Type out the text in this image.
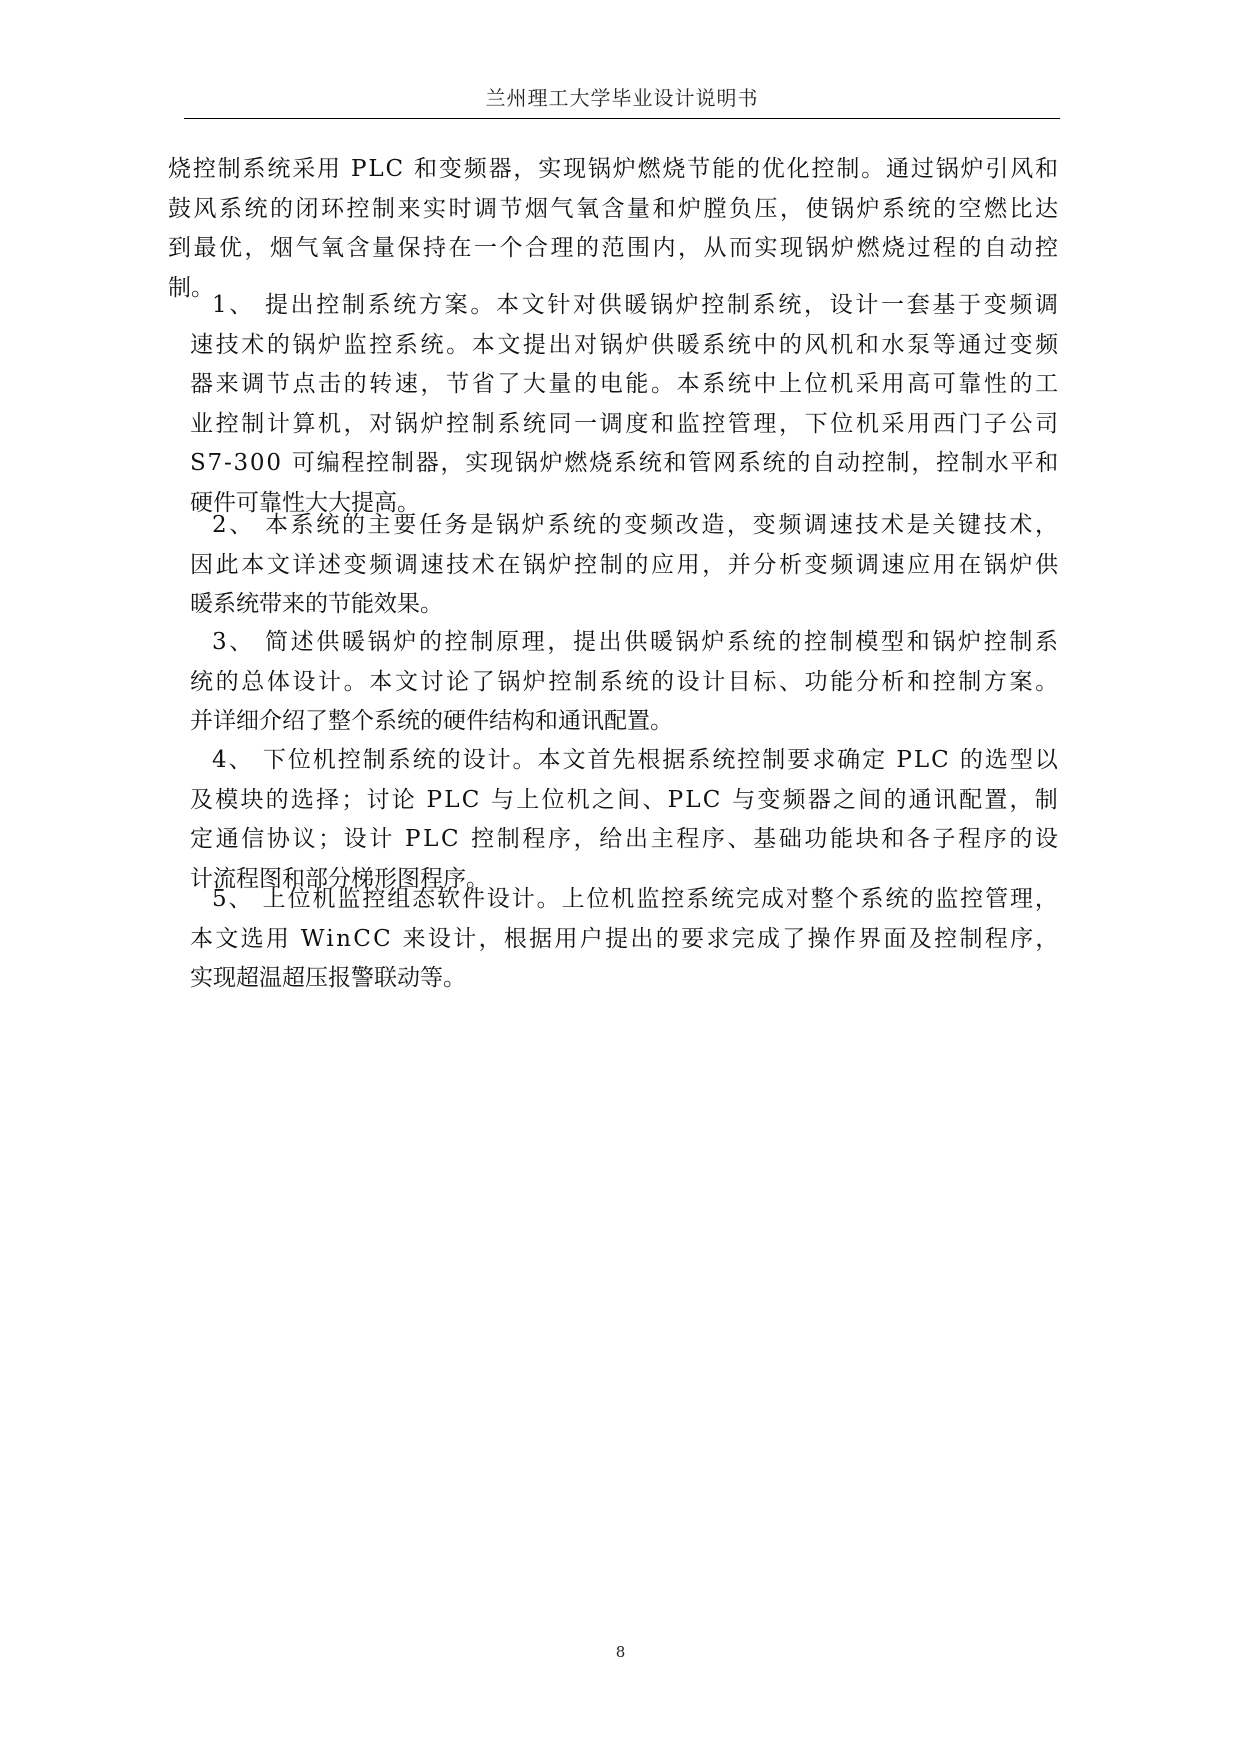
兰州理工大学毕业设计说明书
烧控制系统采用 PLC 和变频器，实现锅炉燃烧节能的优化控制。通过锅炉引风和
鼓风系统的闭环控制来实时调节烟气氧含量和炉膛负压，使锅炉系统的空燃比达
到最优，烟气氧含量保持在一个合理的范围内，从而实现锅炉燃烧过程的自动控
制。
1、 提出控制系统方案。本文针对供暖锅炉控制系统，设计一套基于变频调
速技术的锅炉监控系统。本文提出对锅炉供暖系统中的风机和水泵等通过变频
器来调节点击的转速，节省了大量的电能。本系统中上位机采用高可靠性的工
业控制计算机，对锅炉控制系统同一调度和监控管理，下位机采用西门子公司
S7-300 可编程控制器，实现锅炉燃烧系统和管网系统的自动控制，控制水平和
硬件可靠性大大提高。
2、 本系统的主要任务是锅炉系统的变频改造，变频调速技术是关键技术，
因此本文详述变频调速技术在锅炉控制的应用，并分析变频调速应用在锅炉供
暖系统带来的节能效果。
3、 简述供暖锅炉的控制原理，提出供暖锅炉系统的控制模型和锅炉控制系
统的总体设计。本文讨论了锅炉控制系统的设计目标、功能分析和控制方案。
并详细介绍了整个系统的硬件结构和通讯配置。
4、 下位机控制系统的设计。本文首先根据系统控制要求确定 PLC 的选型以
及模块的选择；讨论 PLC 与上位机之间、PLC 与变频器之间的通讯配置，制
定通信协议；设计 PLC 控制程序，给出主程序、基础功能块和各子程序的设
计流程图和部分梯形图程序。
5、 上位机监控组态软件设计。上位机监控系统完成对整个系统的监控管理，
本文选用 WinCC 来设计，根据用户提出的要求完成了操作界面及控制程序，
实现超温超压报警联动等。
8
